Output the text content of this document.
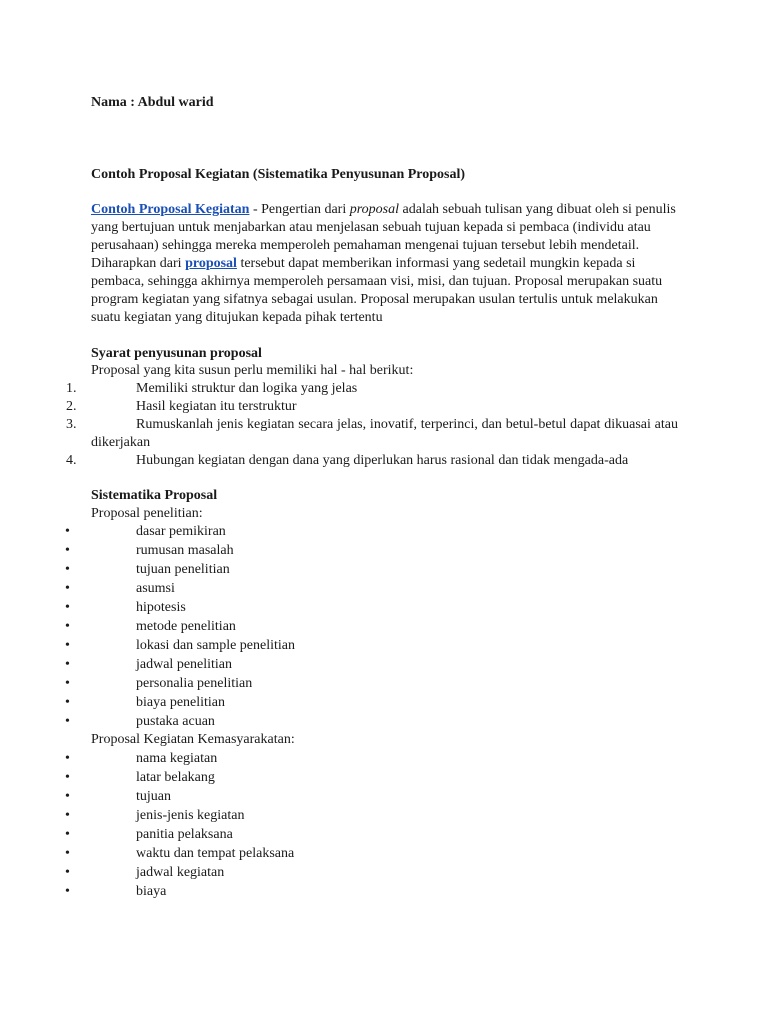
Nama : Abdul warid
Contoh Proposal Kegiatan (Sistematika Penyusunan Proposal)
Contoh Proposal Kegiatan - Pengertian dari proposal adalah sebuah tulisan yang dibuat oleh si penulis yang bertujuan untuk menjabarkan atau menjelasan sebuah tujuan kepada si pembaca (individu atau perusahaan) sehingga mereka memperoleh pemahaman mengenai tujuan tersebut lebih mendetail. Diharapkan dari proposal tersebut dapat memberikan informasi yang sedetail mungkin kepada si pembaca, sehingga akhirnya memperoleh persamaan visi, misi, dan tujuan. Proposal merupakan suatu program kegiatan yang sifatnya sebagai usulan. Proposal merupakan usulan tertulis untuk melakukan suatu kegiatan yang ditujukan kepada pihak tertentu
Syarat penyusunan proposal
Proposal yang kita susun perlu memiliki hal - hal berikut:
1.	Memiliki struktur dan logika yang jelas
2.	Hasil kegiatan itu terstruktur
3.	Rumuskanlah jenis kegiatan secara jelas, inovatif, terperinci, dan betul-betul dapat dikuasai atau dikerjakan
4.	Hubungan kegiatan dengan dana yang diperlukan harus rasional dan tidak mengada-ada
Sistematika Proposal
Proposal penelitian:
•	dasar pemikiran
•	rumusan masalah
•	tujuan penelitian
•	asumsi
•	hipotesis
•	metode penelitian
•	lokasi dan sample penelitian
•	jadwal penelitian
•	personalia penelitian
•	biaya penelitian
•	pustaka acuan
Proposal Kegiatan Kemasyarakatan:
•	nama kegiatan
•	latar belakang
•	tujuan
•	jenis-jenis kegiatan
•	panitia pelaksana
•	waktu dan tempat pelaksana
•	jadwal kegiatan
•	biaya
